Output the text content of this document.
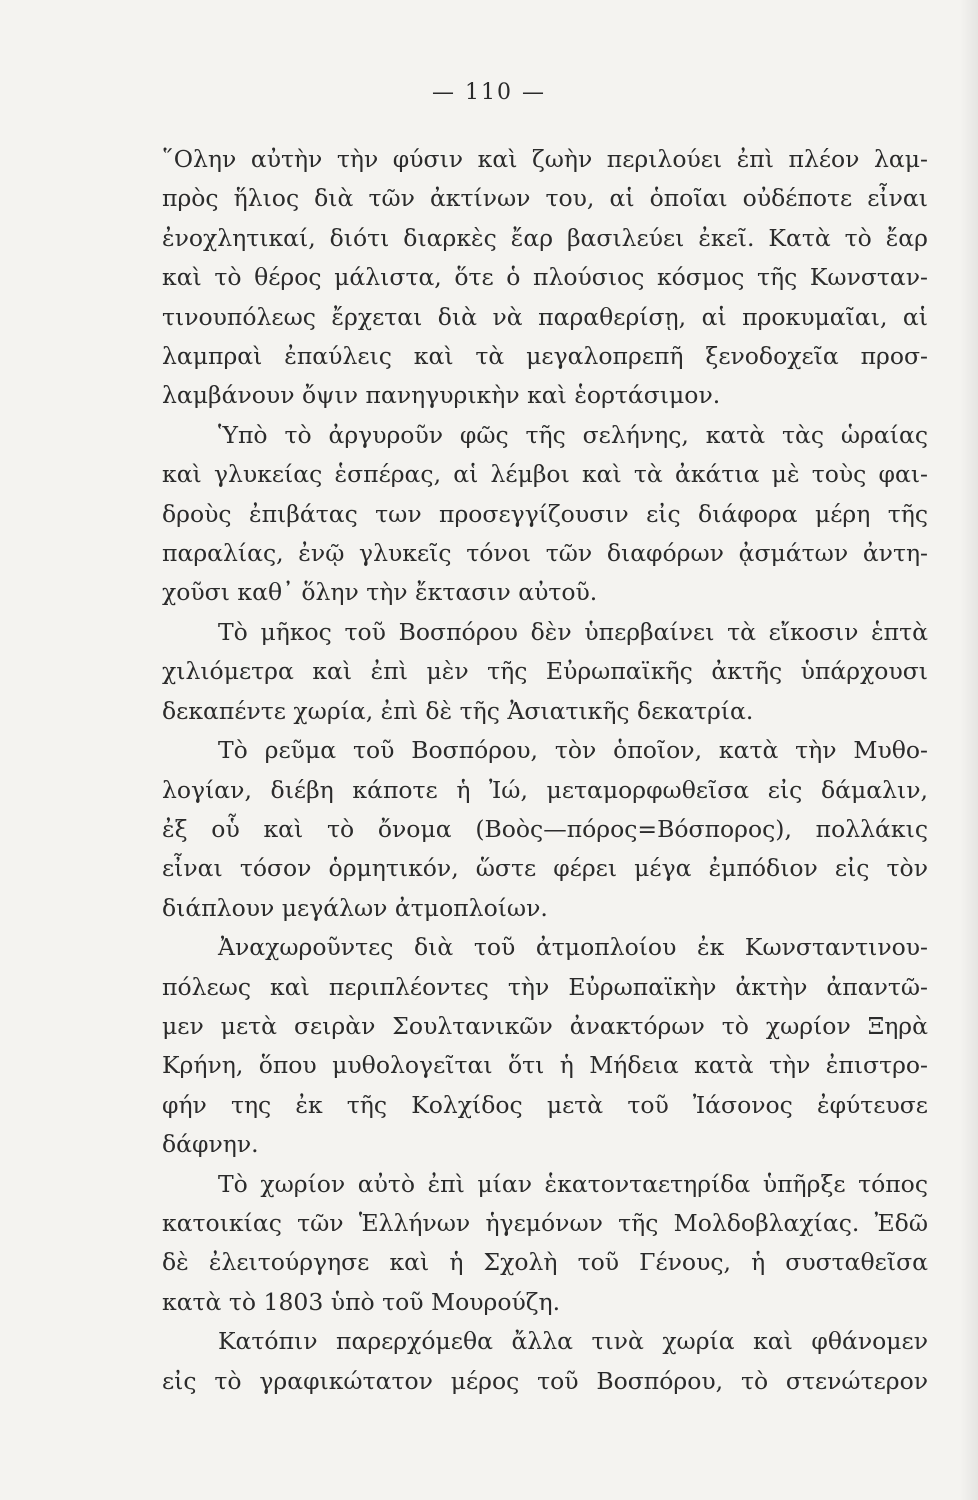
— 110 —
῞Ολην αὐτὴν τὴν φύσιν καὶ ζωὴν περιλούει ἐπὶ πλέον λαμ-
πρὸς ἥλιος διὰ τῶν ἀκτίνων του, αἱ ὁποῖαι οὐδέποτε εἶναι
ἐνοχλητικαί, διότι διαρκὲς ἔαρ βασιλεύει ἐκεῖ. Κατὰ τὸ ἔαρ
καὶ τὸ θέρος μάλιστα, ὅτε ὁ πλούσιος κόσμος τῆς Κωνσταν-
τινουπόλεως ἔρχεται διὰ νὰ παραθερίσῃ, αἱ προκυμαῖαι, αἱ
λαμπραὶ ἐπαύλεις καὶ τὰ μεγαλοπρεπῆ ξενοδοχεῖα προσ-
λαμβάνουν ὄψιν πανηγυρικὴν καὶ ἑορτάσιμον.
Ὑπὸ τὸ ἀργυροῦν φῶς τῆς σελήνης, κατὰ τὰς ὡραίας
καὶ γλυκείας ἑσπέρας, αἱ λέμβοι καὶ τὰ ἀκάτια μὲ τοὺς φαι-
δροὺς ἐπιβάτας των προσεγγίζουσιν εἰς διάφορα μέρη τῆς
παραλίας, ἐνῷ γλυκεῖς τόνοι τῶν διαφόρων ᾀσμάτων ἀντη-
χοῦσι καθ᾽ ὅλην τὴν ἔκτασιν αὐτοῦ.
Τὸ μῆκος τοῦ Βοσπόρου δὲν ὑπερβαίνει τὰ εἴκοσιν ἑπτὰ
χιλιόμετρα καὶ ἐπὶ μὲν τῆς Εὐρωπαϊκῆς ἀκτῆς ὑπάρχουσι
δεκαπέντε χωρία, ἐπὶ δὲ τῆς Ἀσιατικῆς δεκατρία.
Τὸ ρεῦμα τοῦ Βοσπόρου, τὸν ὁποῖον, κατὰ τὴν Μυθο-
λογίαν, διέβη κάποτε ἡ Ἰώ, μεταμορφωθεῖσα εἰς δάμαλιν,
ἐξ οὗ καὶ τὸ ὄνομα (Βοὸς—πόρος=Βόσπορος), πολλάκις
εἶναι τόσον ὁρμητικόν, ὥστε φέρει μέγα ἐμπόδιον εἰς τὸν
διάπλουν μεγάλων ἀτμοπλοίων.
Ἀναχωροῦντες διὰ τοῦ ἀτμοπλοίου ἐκ Κωνσταντινου-
πόλεως καὶ περιπλέοντες τὴν Εὐρωπαϊκὴν ἀκτὴν ἀπαντῶ-
μεν μετὰ σειρὰν Σουλτανικῶν ἀνακτόρων τὸ χωρίον Ξηρὰ
Κρήνη, ὅπου μυθολογεῖται ὅτι ἡ Μήδεια κατὰ τὴν ἐπιστρο-
φήν της ἐκ τῆς Κολχίδος μετὰ τοῦ Ἰάσονος ἐφύτευσε
δάφνην.
Τὸ χωρίον αὐτὸ ἐπὶ μίαν ἑκατονταετηρίδα ὑπῆρξε τόπος
κατοικίας τῶν Ἑλλήνων ἡγεμόνων τῆς Μολδοβλαχίας. Ἐδῶ
δὲ ἐλειτούργησε καὶ ἡ Σχολὴ τοῦ Γένους, ἡ συσταθεῖσα
κατὰ τὸ 1803 ὑπὸ τοῦ Μουρούζη.
Κατόπιν παρερχόμεθα ἄλλα τινὰ χωρία καὶ φθάνομεν
εἰς τὸ γραφικώτατον μέρος τοῦ Βοσπόρου, τὸ στενώτερον
